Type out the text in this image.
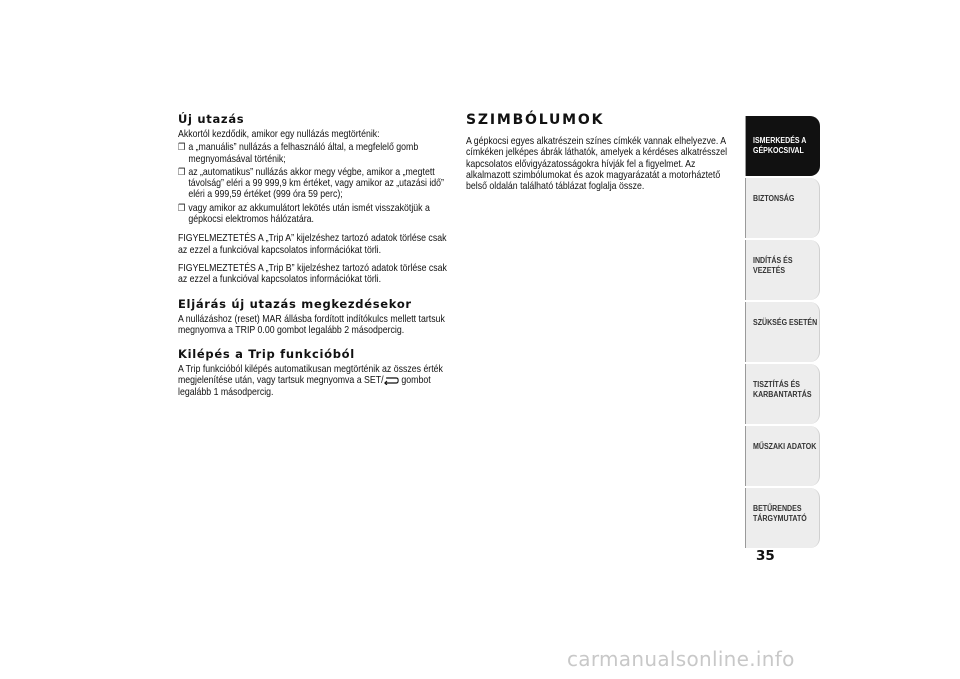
Új utazás

Akkortól kezdődik, amikor egy nullázás megtörténik:

❒ a „manuális” nullázás a felhasználó által, a megfelelő gomb megnyomásával történik;
❒ az „automatikus” nullázás akkor megy végbe, amikor a „megtett távolság” eléri a 99 999,9 km értéket, vagy amikor az „utazási idő” eléri a 999,59 értéket (999 óra 59 perc);
❒ vagy amikor az akkumulátort lekötés után ismét visszakötjük a gépkocsi elektromos hálózatára.

FIGYELMEZTETÉS A „Trip A” kijelzéshez tartozó adatok törlése csak az ezzel a funkcióval kapcsolatos információkat törli.

FIGYELMEZTETÉS A „Trip B” kijelzéshez tartozó adatok törlése csak az ezzel a funkcióval kapcsolatos információkat törli.

Eljárás új utazás megkezdésekor

A nullázáshoz (reset) MAR állásba fordított indítókulcs mellett tartsuk megnyomva a TRIP 0.00 gombot legalább 2 másodpercig.

Kilépés a Trip funkcióból

A Trip funkcióból kilépés automatikusan megtörténik az összes érték megjelenítése után, vagy tartsuk megnyomva a SET/ gombot legalább 1 másodpercig.

SZIMBÓLUMOK

A gépkocsi egyes alkatrészein színes címkék vannak elhelyezve. A címkéken jelképes ábrák láthatók, amelyek a kérdéses alkatrésszel kapcsolatos elővigyázatosságokra hívják fel a figyelmet. Az alkalmazott szimbólumokat és azok magyarázatát a motorháztető belső oldalán található táblázat foglalja össze.

ISMERKEDÉS A GÉPKOCSIVAL
BIZTONSÁG
INDÍTÁS ÉS VEZETÉS
SZÜKSÉG ESETÉN
TISZTÍTÁS ÉS KARBANTARTÁS
MŰSZAKI ADATOK
BETŰRENDES TÁRGYMUTATÓ
35
carmanualsonline.info
